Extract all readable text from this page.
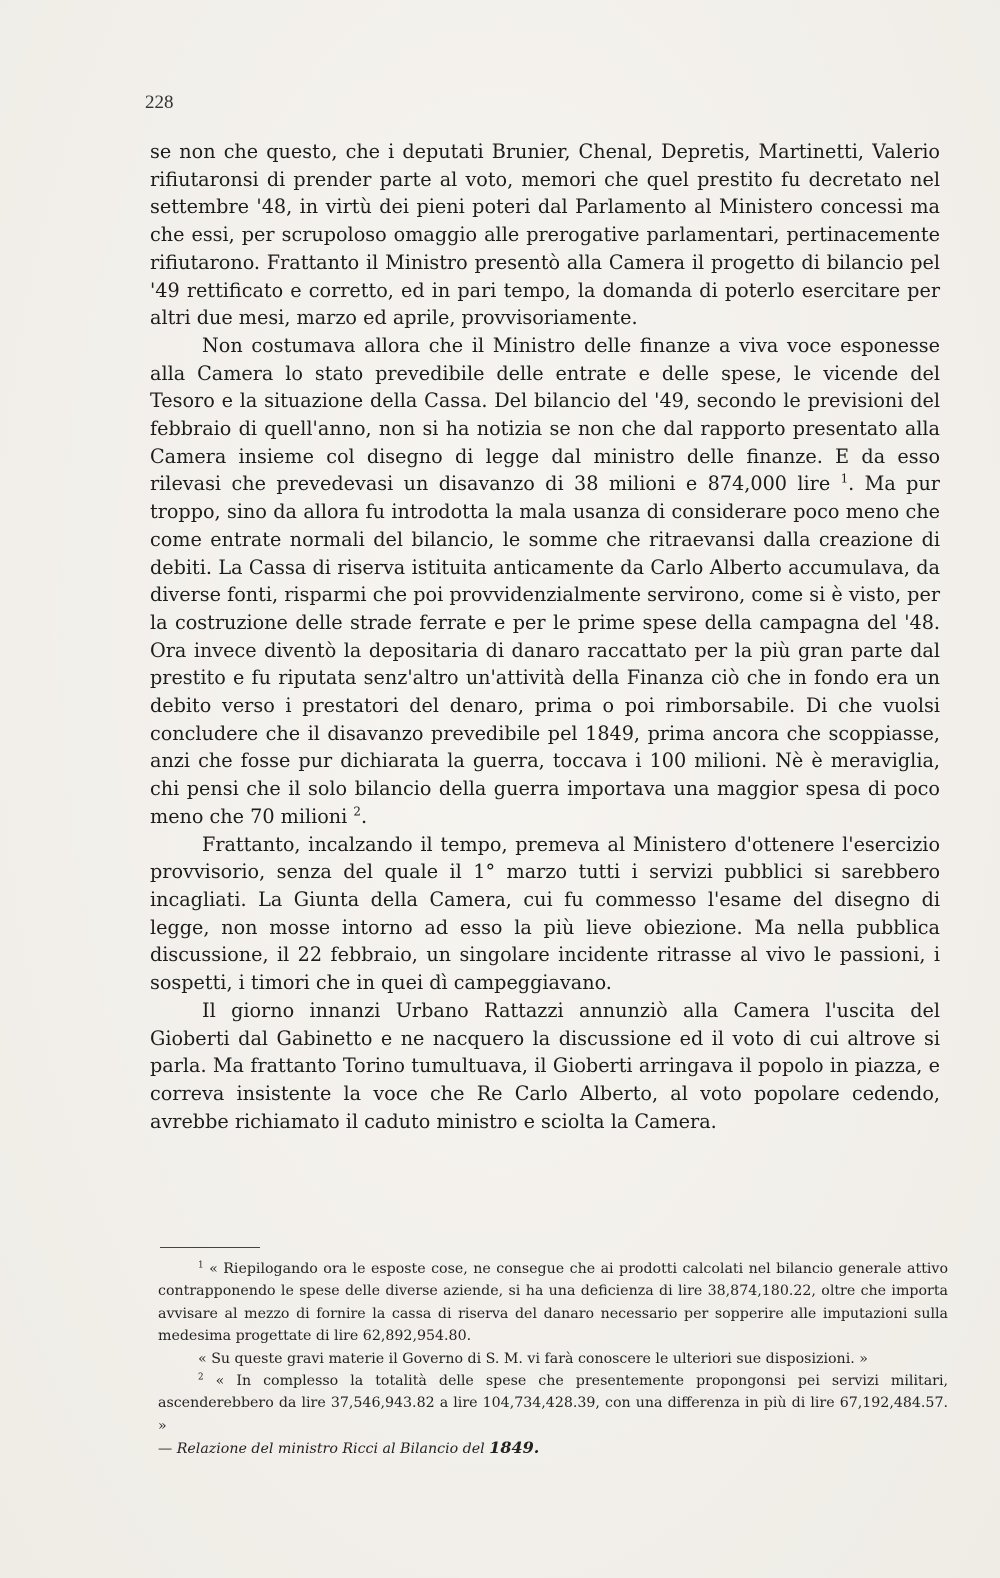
228

se non che questo, che i deputati Brunier, Chenal, Depretis, Martinetti, Valerio rifiutaronsi di prender parte al voto, memori che quel prestito fu decretato nel settembre '48, in virtù dei pieni poteri dal Parlamento al Ministero concessi ma che essi, per scrupoloso omaggio alle prerogative parlamentari, pertinacemente rifiutarono. Frattanto il Ministro presentò alla Camera il progetto di bilancio pel '49 rettificato e corretto, ed in pari tempo, la domanda di poterlo esercitare per altri due mesi, marzo ed aprile, provvisoriamente.

Non costumava allora che il Ministro delle finanze a viva voce esponesse alla Camera lo stato prevedibile delle entrate e delle spese, le vicende del Tesoro e la situazione della Cassa. Del bilancio del '49, secondo le previsioni del febbraio di quell'anno, non si ha notizia se non che dal rapporto presentato alla Camera insieme col disegno di legge dal ministro delle finanze. E da esso rilevasi che prevedevasi un disavanzo di 38 milioni e 874,000 lire $^1$. Ma pur troppo, sino da allora fu introdotta la mala usanza di considerare poco meno che come entrate normali del bilancio, le somme che ritraevansi dalla creazione di debiti. La Cassa di riserva istituita anticamente da Carlo Alberto accumulava, da diverse fonti, risparmi che poi provvidenzialmente servirono, come si è visto, per la costruzione delle strade ferrate e per le prime spese della campagna del '48. Ora invece diventò la depositaria di danaro raccattato per la più gran parte dal prestito e fu riputata senz'altro un'attività della Finanza ciò che in fondo era un debito verso i prestatori del denaro, prima o poi rimborsabile. Di che vuolsi concludere che il disavanzo prevedibile pel 1849, prima ancora che scoppiasse, anzi che fosse pur dichiarata la guerra, toccava i 100 milioni. Nè è meraviglia, chi pensi che il solo bilancio della guerra importava una maggior spesa di poco meno che 70 milioni $^2$.

Frattanto, incalzando il tempo, premeva al Ministero d'ottenere l'esercizio provvisorio, senza del quale il 1° marzo tutti i servizi pubblici si sarebbero incagliati. La Giunta della Camera, cui fu commesso l'esame del disegno di legge, non mosse intorno ad esso la più lieve obiezione. Ma nella pubblica discussione, il 22 febbraio, un singolare incidente ritrasse al vivo le passioni, i sospetti, i timori che in quei dì campeggiavano.

Il giorno innanzi Urbano Rattazzi annunziò alla Camera l'uscita del Gioberti dal Gabinetto e ne nacquero la discussione ed il voto di cui altrove si parla. Ma frattanto Torino tumultuava, il Gioberti arringava il popolo in piazza, e correva insistente la voce che Re Carlo Alberto, al voto popolare cedendo, avrebbe richiamato il caduto ministro e sciolta la Camera.

$^1$ « Riepilogando ora le esposte cose, ne consegue che ai prodotti calcolati nel bilancio generale attivo contrapponendo le spese delle diverse aziende, si ha una deficienza di lire 38,874,180.22, oltre che importa avvisare al mezzo di fornire la cassa di riserva del danaro necessario per sopperire alle imputazioni sulla medesima progettate di lire 62,892,954.80.

« Su queste gravi materie il Governo di S. M. vi farà conoscere le ulteriori sue disposizioni. »

$^2$ « In complesso la totalità delle spese che presentemente propongonsi pei servizi militari, ascenderebbero da lire 37,546,943.82 a lire 104,734,428.39, con una differenza in più di lire 67,192,484.57. »

— Relazione del ministro Ricci al Bilancio del 1849.
